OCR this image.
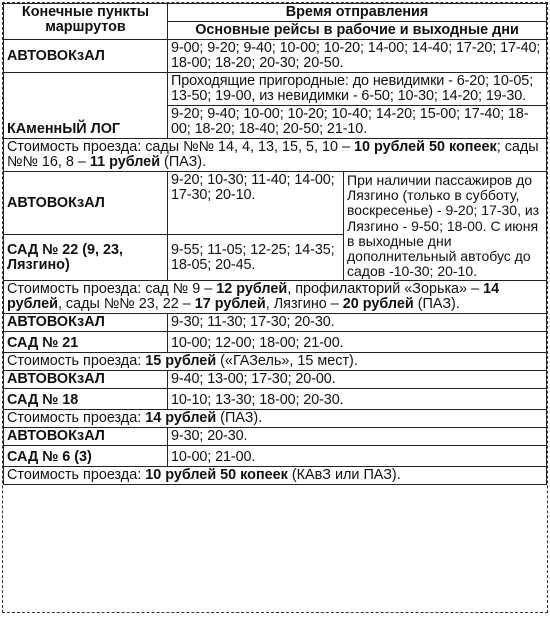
Конечные пункты маршрутов	Время отправления	
	Основные рейсы в рабочие и выходные дни	
АВТОВОКзАЛ	9-00; 9-20; 9-40; 10-00; 10-20; 14-00; 14-40; 17-20; 17-40; 18-00; 18-20; 20-30; 20-50.	
КАменнЫЙ ЛОГ	Проходящие пригородные: до невидимки - 6-20; 10-05; 13-50; 19-00, из невидимки - 6-50; 10-30; 14-20; 19-30.	
	9-20; 9-40; 10-00; 10-20; 10-40; 14-20; 15-00; 17-40; 18-00; 18-20; 18-40; 20-50; 21-10.	
Стоимость проезда: сады №№ 14, 4, 13, 15, 5, 10 – 10 рублей 50 копеек; сады №№ 16, 8 – 11 рублей (ПАЗ).		
АВТОВОКзАЛ	9-20; 10-30; 11-40; 14-00; 17-30; 20-10.	При наличии пассажиров до Лязгино (только в субботу, воскресенье) - 9-20; 17-30, из Лязгино - 9-50; 18-00. С июня в выходные дни дополнительный автобус до садов -10-30; 20-10.
САД № 22 (9, 23, Лязгино)	9-55; 11-05; 12-25; 14-35; 18-05; 20-45.	
Стоимость проезда: сад № 9 – 12 рублей, профилакторий «Зорька» – 14 рублей, сады №№ 23, 22 – 17 рублей, Лязгино – 20 рублей (ПАЗ).		
АВТОВОКзАЛ	9-30; 11-30; 17-30; 20-30.	
САД № 21	10-00; 12-00; 18-00; 21-00.	
Стоимость проезда: 15 рублей («ГАЗель», 15 мест).		
АВТОВОКзАЛ	9-40; 13-00; 17-30; 20-00.	
САД № 18	10-10; 13-30; 18-00; 20-30.	
Стоимость проезда: 14 рублей (ПАЗ).		
АВТОВОКзАЛ	9-30; 20-30.	
САД № 6 (3)	10-00; 21-00.	
Стоимость проезда: 10 рублей 50 копеек (КАвЗ или ПАЗ).		
